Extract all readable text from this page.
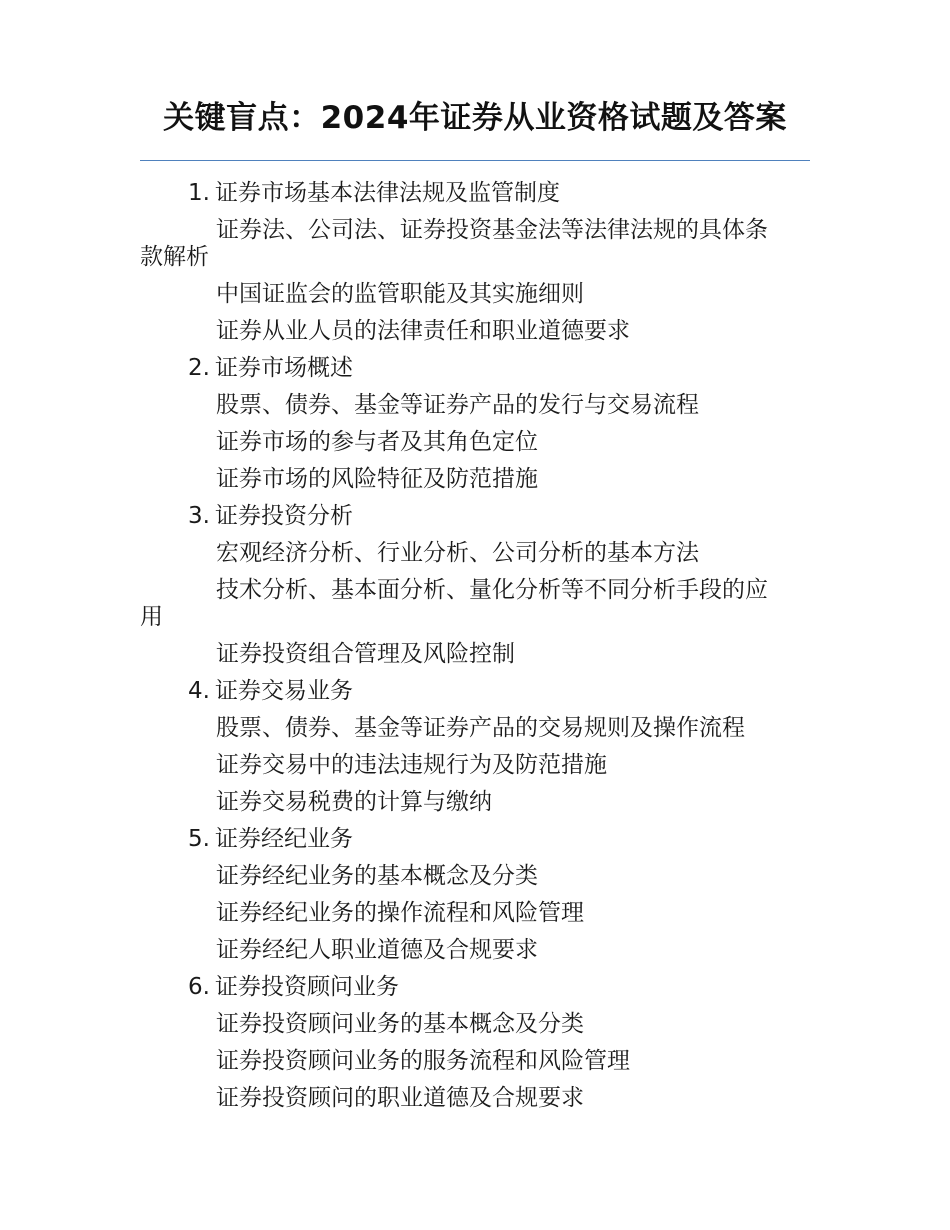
关键盲点：2024年证券从业资格试题及答案
1. 证券市场基本法律法规及监管制度
证券法、公司法、证券投资基金法等法律法规的具体条款解析
中国证监会的监管职能及其实施细则
证券从业人员的法律责任和职业道德要求
2. 证券市场概述
股票、债券、基金等证券产品的发行与交易流程
证券市场的参与者及其角色定位
证券市场的风险特征及防范措施
3. 证券投资分析
宏观经济分析、行业分析、公司分析的基本方法
技术分析、基本面分析、量化分析等不同分析手段的应用
证券投资组合管理及风险控制
4. 证券交易业务
股票、债券、基金等证券产品的交易规则及操作流程
证券交易中的违法违规行为及防范措施
证券交易税费的计算与缴纳
5. 证券经纪业务
证券经纪业务的基本概念及分类
证券经纪业务的操作流程和风险管理
证券经纪人职业道德及合规要求
6. 证券投资顾问业务
证券投资顾问业务的基本概念及分类
证券投资顾问业务的服务流程和风险管理
证券投资顾问的职业道德及合规要求
